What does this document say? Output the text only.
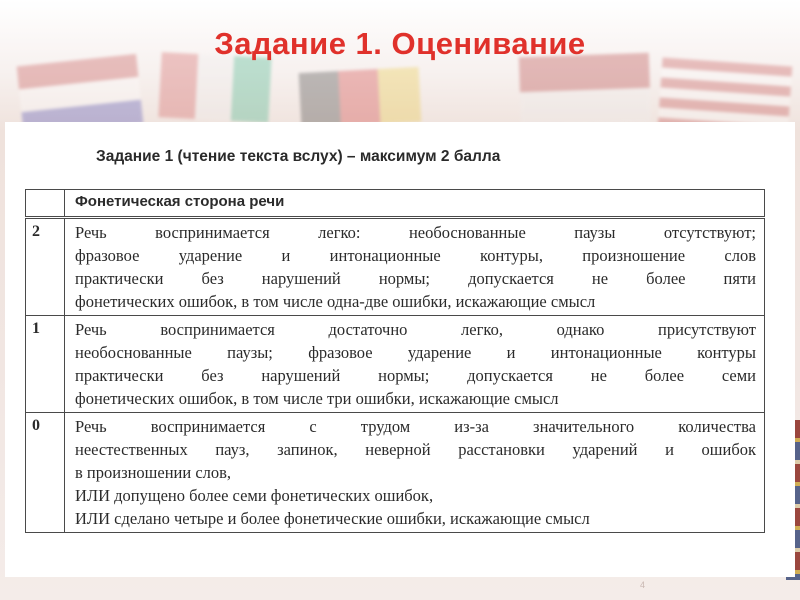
Задание 1. Оценивание

Задание 1 (чтение текста вслух) – максимум 2 балла

	Фонетическая сторона речи
2	Речь воспринимается легко: необоснованные паузы отсутствуют;
фразовое ударение и интонационные контуры, произношение слов
практически без нарушений нормы; допускается не более пяти
фонетических ошибок, в том числе одна-две ошибки, искажающие смысл

1	Речь воспринимается достаточно легко, однако присутствуют
необоснованные паузы; фразовое ударение и интонационные контуры
практически без нарушений нормы; допускается не более семи
фонетических ошибок, в том числе три ошибки, искажающие смысл

0	Речь воспринимается с трудом из-за значительного количества
неестественных пауз, запинок, неверной расстановки ударений и ошибок
в произношении слов,
ИЛИ допущено более семи фонетических ошибок,
ИЛИ сделано четыре и более фонетические ошибки, искажающие смысл
4
